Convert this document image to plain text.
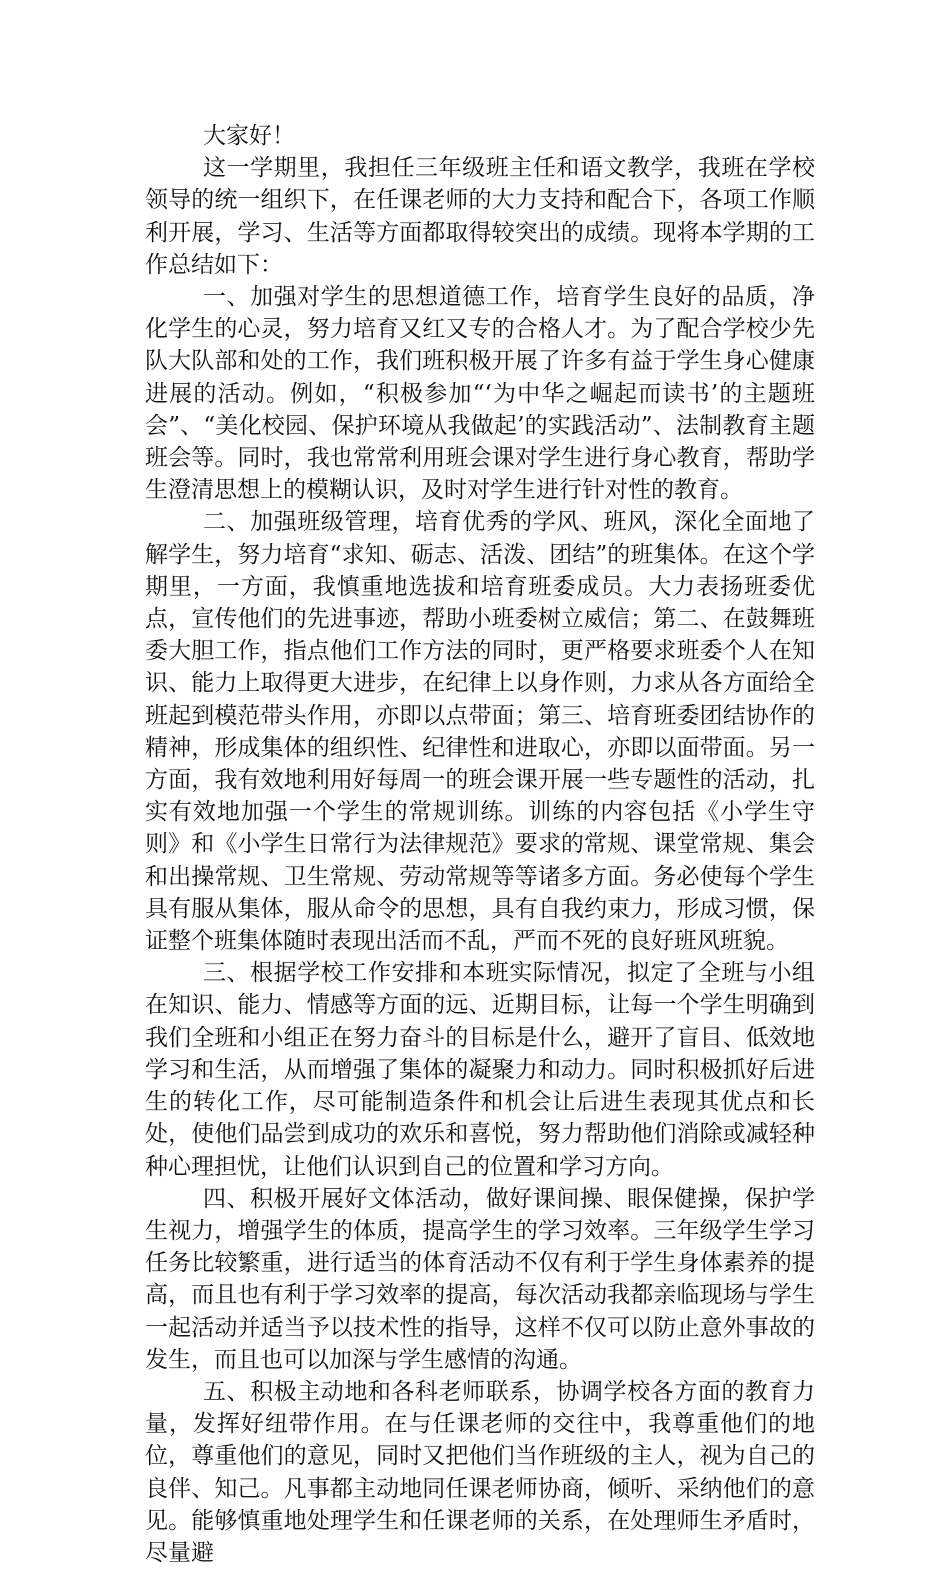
大家好！

这一学期里，我担任三年级班主任和语文教学，我班在学校领导的统一组织下，在任课老师的大力支持和配合下，各项工作顺利开展，学习、生活等方面都取得较突出的成绩。现将本学期的工作总结如下：

一、加强对学生的思想道德工作，培育学生良好的品质，净化学生的心灵，努力培育又红又专的合格人才。为了配合学校少先队大队部和处的工作，我们班积极开展了许多有益于学生身心健康进展的活动。例如，“积极参加“‘为中华之崛起而读书’的主题班会”、“美化校园、保护环境从我做起’的实践活动”、法制教育主题班会等。同时，我也常常利用班会课对学生进行身心教育，帮助学生澄清思想上的模糊认识，及时对学生进行针对性的教育。

二、加强班级管理，培育优秀的学风、班风，深化全面地了解学生，努力培育“求知、砺志、活泼、团结”的班集体。在这个学期里，一方面，我慎重地选拔和培育班委成员。大力表扬班委优点，宣传他们的先进事迹，帮助小班委树立威信；第二、在鼓舞班委大胆工作，指点他们工作方法的同时，更严格要求班委个人在知识、能力上取得更大进步，在纪律上以身作则，力求从各方面给全班起到模范带头作用，亦即以点带面；第三、培育班委团结协作的精神，形成集体的组织性、纪律性和进取心，亦即以面带面。另一方面，我有效地利用好每周一的班会课开展一些专题性的活动，扎实有效地加强一个学生的常规训练。训练的内容包括《小学生守则》和《小学生日常行为法律规范》要求的常规、课堂常规、集会和出操常规、卫生常规、劳动常规等等诸多方面。务必使每个学生具有服从集体，服从命令的思想，具有自我约束力，形成习惯，保证整个班集体随时表现出活而不乱，严而不死的良好班风班貌。

三、根据学校工作安排和本班实际情况，拟定了全班与小组在知识、能力、情感等方面的远、近期目标，让每一个学生明确到我们全班和小组正在努力奋斗的目标是什么，避开了盲目、低效地学习和生活，从而增强了集体的凝聚力和动力。同时积极抓好后进生的转化工作，尽可能制造条件和机会让后进生表现其优点和长处，使他们品尝到成功的欢乐和喜悦，努力帮助他们消除或减轻种种心理担忧，让他们认识到自己的位置和学习方向。

四、积极开展好文体活动，做好课间操、眼保健操，保护学生视力，增强学生的体质，提高学生的学习效率。三年级学生学习任务比较繁重，进行适当的体育活动不仅有利于学生身体素养的提高，而且也有利于学习效率的提高，每次活动我都亲临现场与学生一起活动并适当予以技术性的指导，这样不仅可以防止意外事故的发生，而且也可以加深与学生感情的沟通。

五、积极主动地和各科老师联系，协调学校各方面的教育力量，发挥好纽带作用。在与任课老师的交往中，我尊重他们的地位，尊重他们的意见，同时又把他们当作班级的主人，视为自己的良伴、知己。凡事都主动地同任课老师协商，倾听、采纳他们的意见。能够慎重地处理学生和任课老师的关系，在处理师生矛盾时，尽量避
